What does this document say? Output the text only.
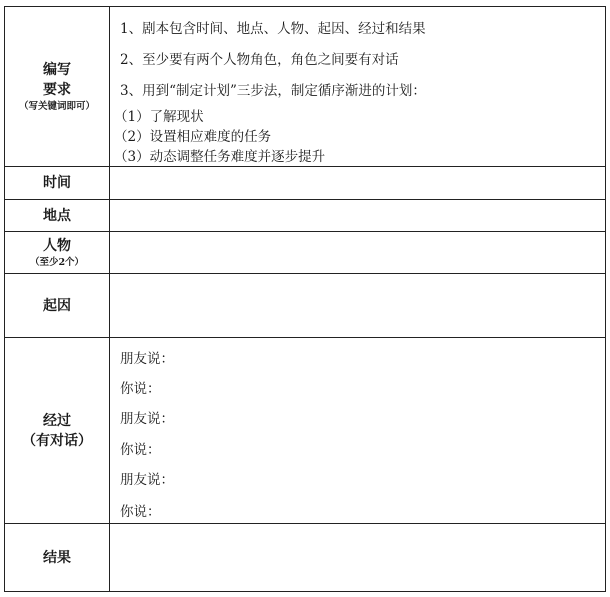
编写
要求
（写关键词即可）
1、剧本包含时间、地点、人物、起因、经过和结果
2、至少要有两个人物角色，角色之间要有对话
3、用到“制定计划”三步法，制定循序渐进的计划：
（1）了解现状
（2）设置相应难度的任务
（3）动态调整任务难度并逐步提升
时间
地点
人物
（至少2个）
起因
经过
（有对话）
朋友说：
你说：
朋友说：
你说：
朋友说：
你说：
结果
